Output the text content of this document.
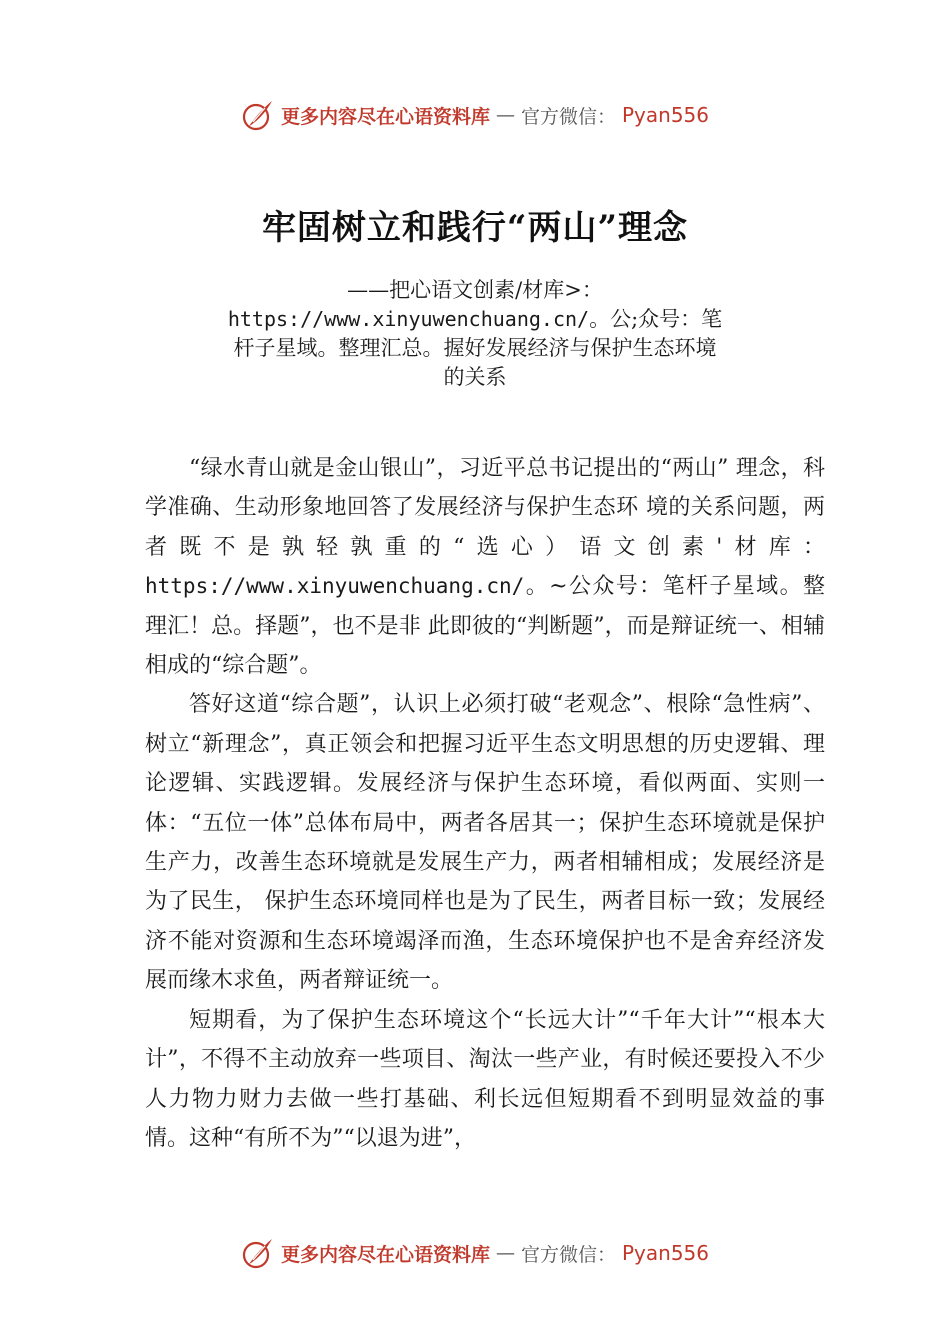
更多内容尽在心语资料库 — 官方微信： Pyan556
牢固树立和践行“两山”理念
——把心语文创素/材库>：https://www.xinyuwenchuang.cn/。公;众号：笔杆子星域。整理汇总。握好发展经济与保护生态环境的关系

“绿水青山就是金山银山”，习近平总书记提出的“两山” 理念，科学准确、生动形象地回答了发展经济与保护生态环 境的关系问题，两者既不是孰轻孰重的“选心）语文创素'材库：https://www.xinyuwenchuang.cn/。~公众号：笔杆子星域。整理汇！总。择题”，也不是非 此即彼的“判断题”，而是辩证统一、相辅相成的“综合题”。

答好这道“综合题”，认识上必须打破“老观念”、根除“急性病”、树立“新理念”，真正领会和把握习近平生态文明思想的历史逻辑、理论逻辑、实践逻辑。发展经济与保护生态环境，看似两面、实则一体：“五位一体”总体布局中，两者各居其一；保护生态环境就是保护生产力，改善生态环境就是发展生产力，两者相辅相成；发展经济是为了民生， 保护生态环境同样也是为了民生，两者目标一致；发展经济不能对资源和生态环境竭泽而渔，生态环境保护也不是舍弃经济发展而缘木求鱼，两者辩证统一。

短期看，为了保护生态环境这个“长远大计”“千年大计”“根本大计”，不得不主动放弃一些项目、淘汰一些产业，有时候还要投入不少人力物力财力去做一些打基础、利长远但短期看不到明显效益的事情。这种“有所不为”“以退为进”，

更多内容尽在心语资料库 — 官方微信： Pyan556
